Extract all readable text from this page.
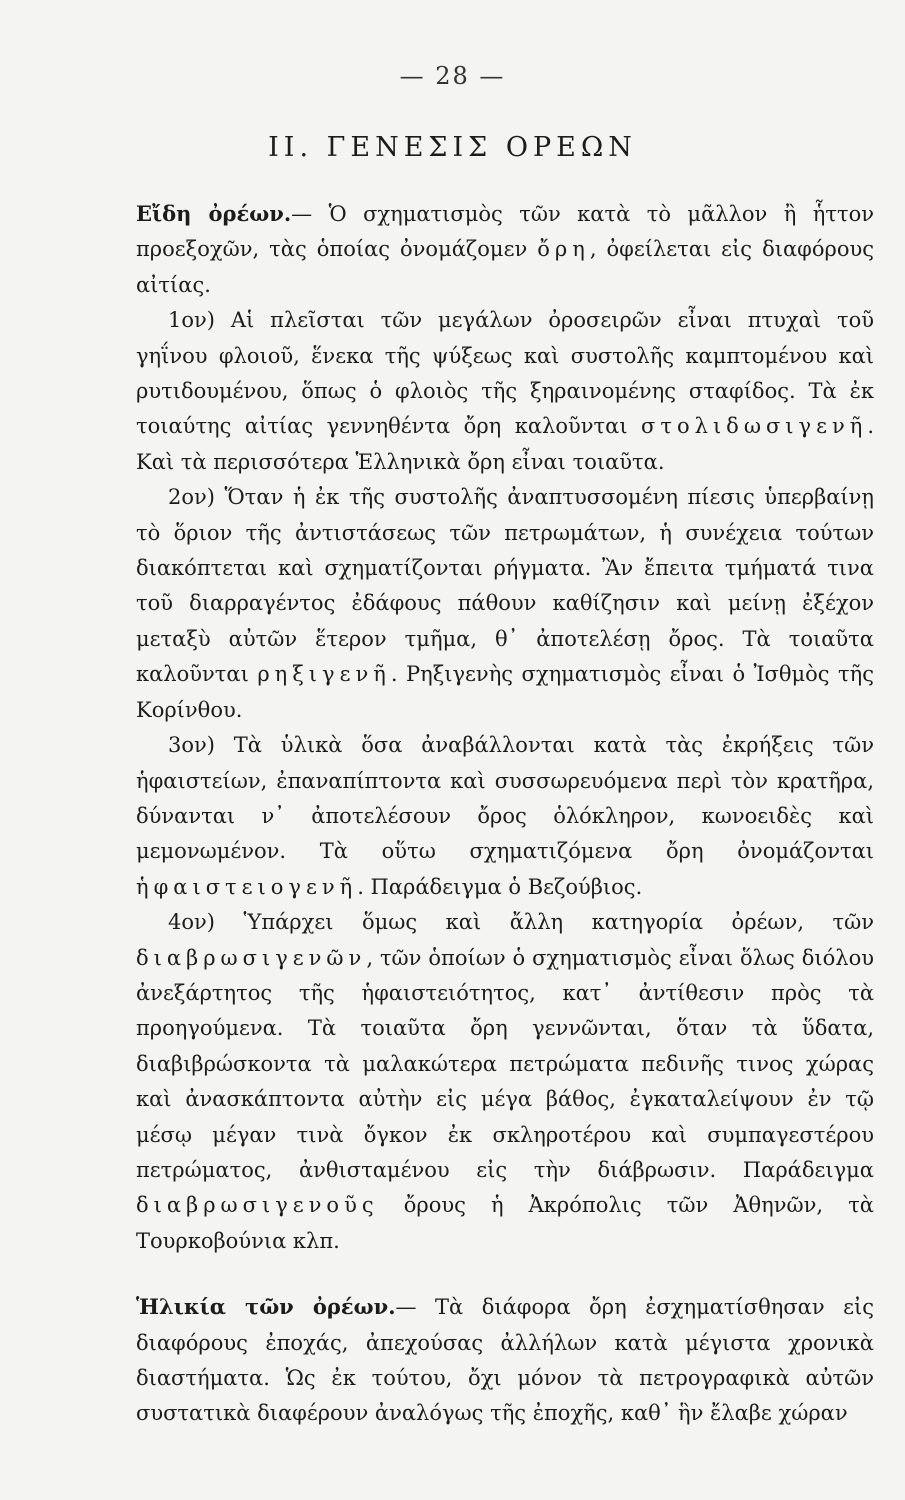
— 28 —
II. ΓΕΝΕΣΙΣ ΟΡΕΩΝ

Εἴδη ὀρέων.— Ὁ σχηματισμὸς τῶν κατὰ τὸ μᾶλλον ἢ ἧττον προεξοχῶν, τὰς ὁποίας ὀνομάζομεν ὄρη, ὀφείλεται εἰς διαφόρους αἰτίας.

1ον) Αἱ πλεῖσται τῶν μεγάλων ὀροσειρῶν εἶναι πτυχαὶ τοῦ γηΐνου φλοιοῦ, ἕνεκα τῆς ψύξεως καὶ συστολῆς καμπτομένου καὶ ρυτιδουμένου, ὅπως ὁ φλοιὸς τῆς ξηραινομένης σταφίδος. Τὰ ἐκ τοιαύτης αἰτίας γεννηθέντα ὄρη καλοῦνται στολιδωσιγενῆ. Καὶ τὰ περισσότερα Ἑλληνικὰ ὄρη εἶναι τοιαῦτα.

2ον) Ὅταν ἡ ἐκ τῆς συστολῆς ἀναπτυσσομένη πίεσις ὑπερβαίνῃ τὸ ὅριον τῆς ἀντιστάσεως τῶν πετρωμάτων, ἡ συνέχεια τούτων διακόπτεται καὶ σχηματίζονται ρήγματα. Ἂν ἔπειτα τμήματά τινα τοῦ διαρραγέντος ἐδάφους πάθουν καθίζησιν καὶ μείνῃ ἐξέχον μεταξὺ αὐτῶν ἕτερον τμῆμα, θ᾽ ἀποτελέσῃ ὄρος. Τὰ τοιαῦτα καλοῦνται ρηξιγενῆ. Ρηξιγενὴς σχηματισμὸς εἶναι ὁ Ἰσθμὸς τῆς Κορίνθου.

3ον) Τὰ ὑλικὰ ὅσα ἀναβάλλονται κατὰ τὰς ἐκρήξεις τῶν ἡφαιστείων, ἐπαναπίπτοντα καὶ συσσωρευόμενα περὶ τὸν κρατῆρα, δύνανται ν᾽ ἀποτελέσουν ὄρος ὁλόκληρον, κωνοειδὲς καὶ μεμονωμένον. Τὰ οὕτω σχηματιζόμενα ὄρη ὀνομάζονται ἡφαιστειογενῆ. Παράδειγμα ὁ Βεζούβιος.

4ον) Ὑπάρχει ὅμως καὶ ἄλλη κατηγορία ὀρέων, τῶν διαβρωσιγενῶν, τῶν ὁποίων ὁ σχηματισμὸς εἶναι ὅλως διόλου ἀνεξάρτητος τῆς ἡφαιστειότητος, κατ᾽ ἀντίθεσιν πρὸς τὰ προηγούμενα. Τὰ τοιαῦτα ὄρη γεννῶνται, ὅταν τὰ ὕδατα, διαβιβρώσκοντα τὰ μαλακώτερα πετρώματα πεδινῆς τινος χώρας καὶ ἀνασκάπτοντα αὐτὴν εἰς μέγα βάθος, ἐγκαταλείψουν ἐν τῷ μέσῳ μέγαν τινὰ ὄγκον ἐκ σκληροτέρου καὶ συμπαγεστέρου πετρώματος, ἀνθισταμένου εἰς τὴν διάβρωσιν. Παράδειγμα διαβρωσιγενοῦς ὄρους ἡ Ἀκρόπολις τῶν Ἀθηνῶν, τὰ Τουρκοβούνια κλπ.

Ἡλικία τῶν ὀρέων.— Τὰ διάφορα ὄρη ἐσχηματίσθησαν εἰς διαφόρους ἐποχάς, ἀπεχούσας ἀλλήλων κατὰ μέγιστα χρονικὰ διαστήματα. Ὡς ἐκ τούτου, ὄχι μόνον τὰ πετρογραφικὰ αὐτῶν συστατικὰ διαφέρουν ἀναλόγως τῆς ἐποχῆς, καθ᾽ ἣν ἔλαβε χώραν
